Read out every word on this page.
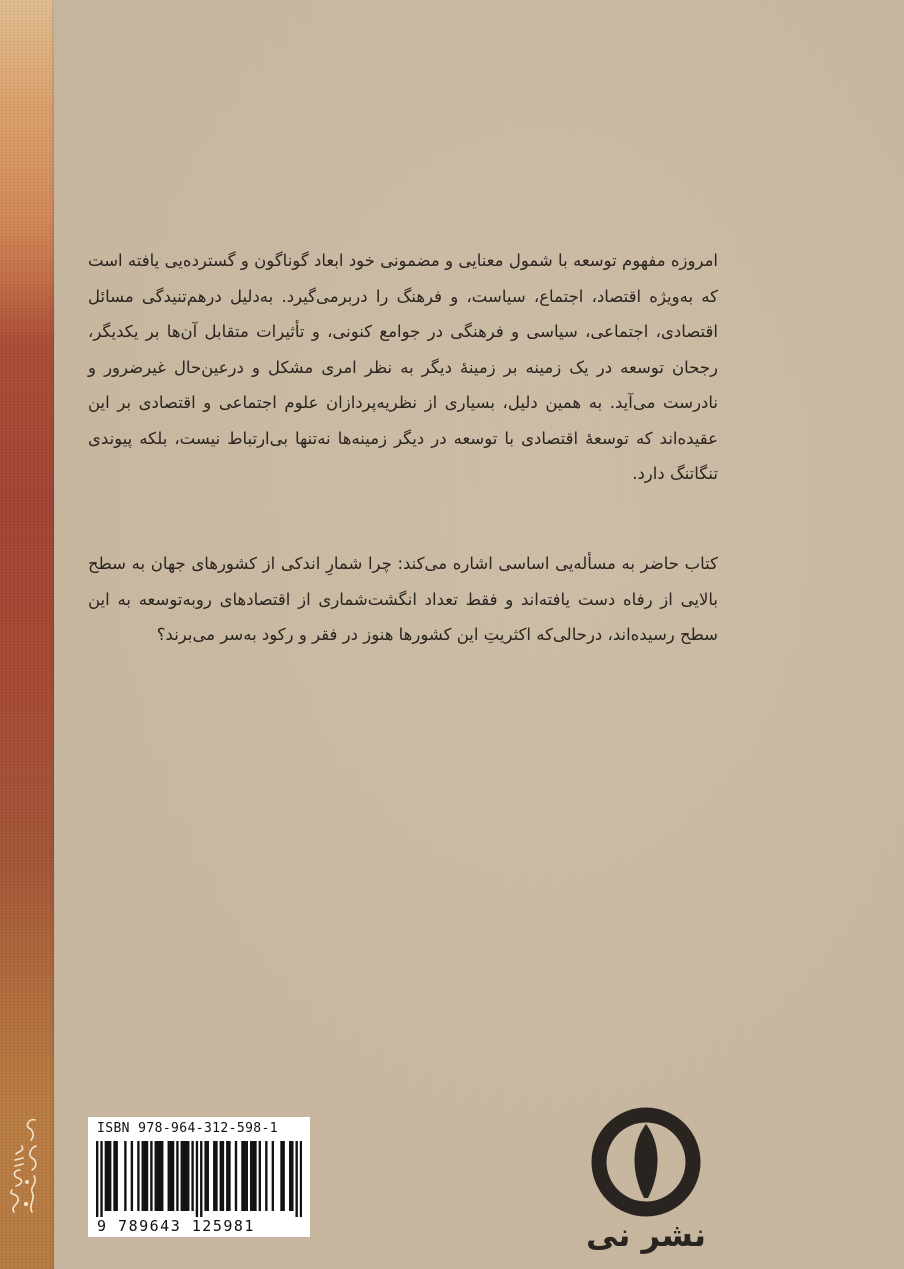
امروزه مفهوم توسعه با شمول معنایی و مضمونی خود ابعاد گوناگون و گسترده‌یی یافته است که به‌ویژه اقتصاد، اجتماع، سیاست، و فرهنگ را دربرمی‌گیرد. به‌دلیل درهم‌تنیدگی مسائل اقتصادی، اجتماعی، سیاسی و فرهنگی در جوامع کنونی، و تأثیرات متقابل آن‌ها بر یکدیگر، رجحان توسعه در یک زمینه بر زمینهٔ دیگر به نظر امری مشکل و درعین‌حال غیرضرور و نادرست می‌آید. به همین دلیل، بسیاری از نظریه‌پردازان علوم اجتماعی و اقتصادی بر این عقیده‌اند که توسعهٔ اقتصادی با توسعه در دیگر زمینه‌ها نه‌تنها بی‌ارتباط نیست، بلکه پیوندی تنگاتنگ دارد.

کتاب حاضر به مسأله‌یی اساسی اشاره می‌کند: چرا شمارِ اندکی از کشورهای جهان به سطح بالایی از رفاه دست یافته‌اند و فقط تعداد انگشت‌شماری از اقتصادهای روبه‌توسعه به این سطح رسیده‌اند، درحالی‌که اکثریتِ این کشورها هنوز در فقر و رکود به‌سر می‌برند؟

ISBN 978-964-312-598-1
9 789643 125981	نشر نی
